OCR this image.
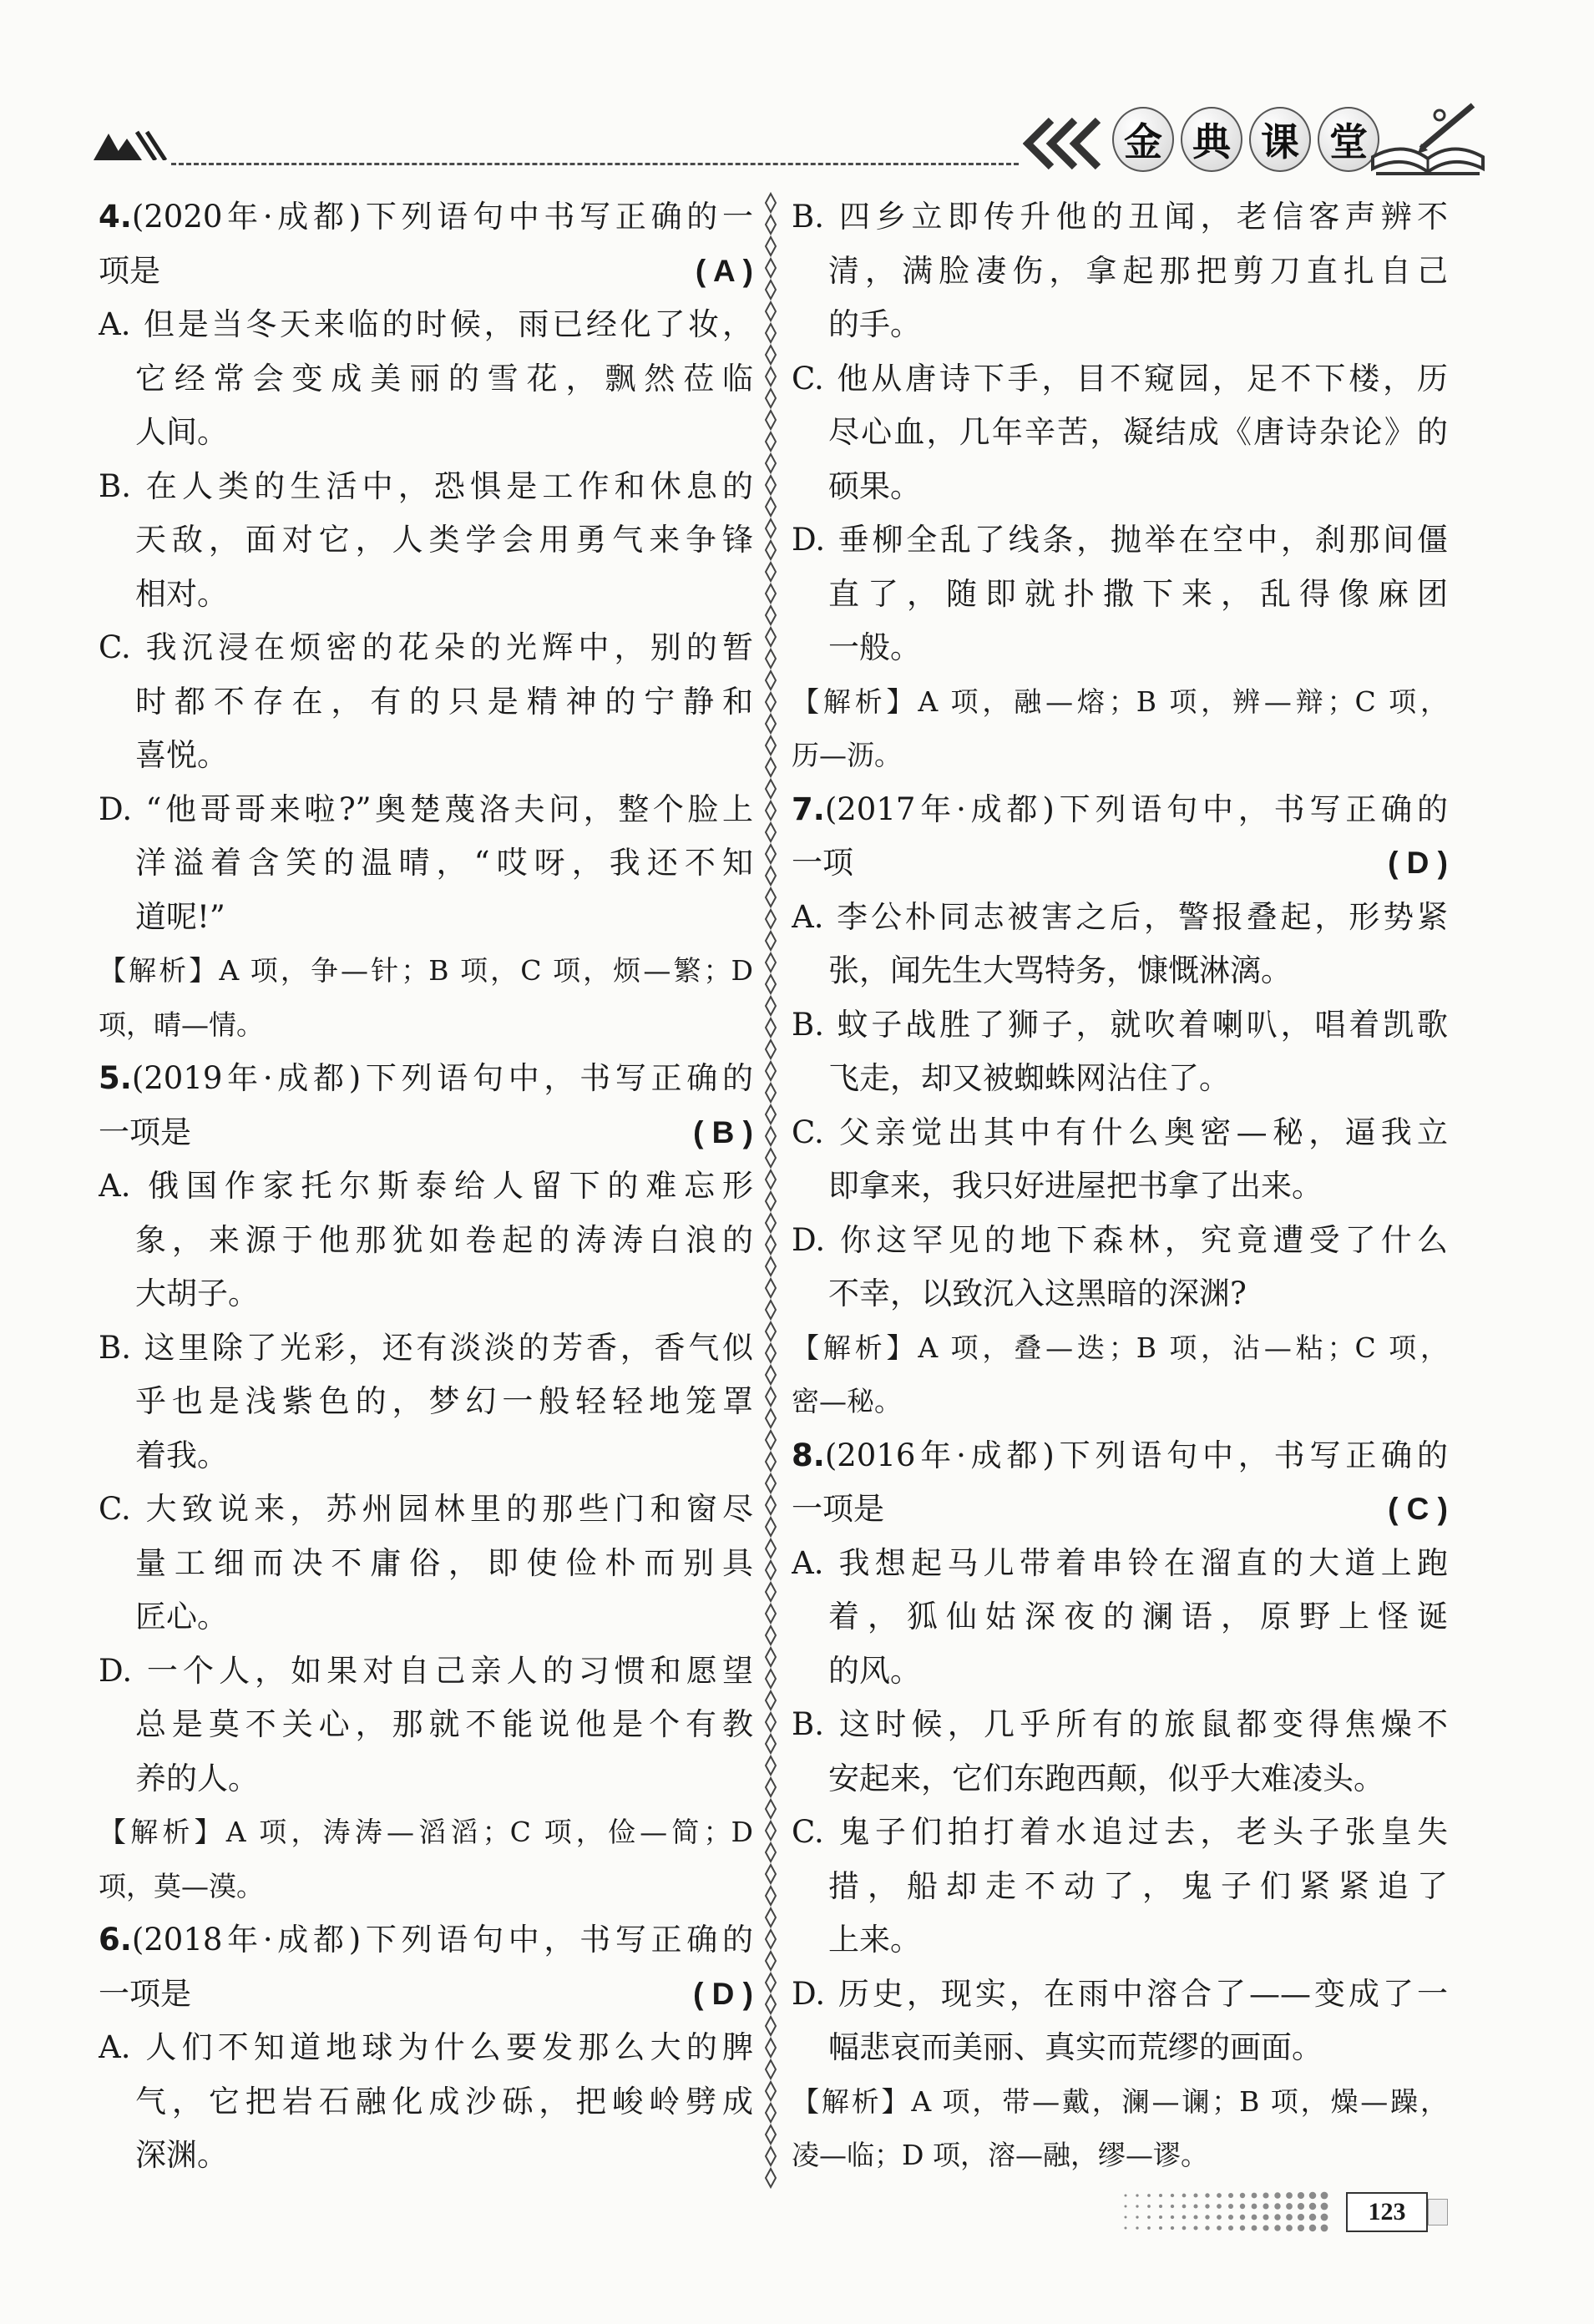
金 典 课 堂
4.(2020年·成都)下列语句中书写正确的一
项是	( A )
A. 但是当冬天来临的时候，雨已经化了妆，
它经常会变成美丽的雪花，飘然莅临
人间。
B. 在人类的生活中，恐惧是工作和休息的
天敌，面对它，人类学会用勇气来争锋
相对。
C. 我沉浸在烦密的花朵的光辉中，别的暂
时都不存在，有的只是精神的宁静和
喜悦。
D. “他哥哥来啦?”奥楚蔑洛夫问，整个脸上
洋溢着含笑的温晴，“哎呀，我还不知
道呢!”
【解析】A 项，争—针；B 项，C 项，烦—繁；D
项，晴—情。
5.(2019年·成都)下列语句中，书写正确的
一项是	( B )
A. 俄国作家托尔斯泰给人留下的难忘形
象，来源于他那犹如卷起的涛涛白浪的
大胡子。
B. 这里除了光彩，还有淡淡的芳香，香气似
乎也是浅紫色的，梦幻一般轻轻地笼罩
着我。
C. 大致说来，苏州园林里的那些门和窗尽
量工细而决不庸俗，即使俭朴而别具
匠心。
D. 一个人，如果对自己亲人的习惯和愿望
总是莫不关心，那就不能说他是个有教
养的人。
【解析】A 项，涛涛—滔滔；C 项，俭—简；D
项，莫—漠。
6.(2018年·成都)下列语句中，书写正确的
一项是	( D )
A. 人们不知道地球为什么要发那么大的脾
气，它把岩石融化成沙砾，把峻岭劈成
深渊。
B. 四乡立即传升他的丑闻，老信客声辨不
清，满脸凄伤，拿起那把剪刀直扎自己
的手。
C. 他从唐诗下手，目不窥园，足不下楼，历
尽心血，几年辛苦，凝结成《唐诗杂论》的
硕果。
D. 垂柳全乱了线条，抛举在空中，刹那间僵
直了，随即就扑撒下来，乱得像麻团
一般。
【解析】A 项，融—熔；B 项，辨—辩；C 项，
历—沥。
7.(2017年·成都)下列语句中，书写正确的
一项	( D )
A. 李公朴同志被害之后，警报叠起，形势紧
张，闻先生大骂特务，慷慨淋漓。
B. 蚊子战胜了狮子，就吹着喇叭，唱着凯歌
飞走，却又被蜘蛛网沾住了。
C. 父亲觉出其中有什么奥密—秘，逼我立
即拿来，我只好进屋把书拿了出来。
D. 你这罕见的地下森林，究竟遭受了什么
不幸，以致沉入这黑暗的深渊?
【解析】A 项，叠—迭；B 项，沾—粘；C 项，
密—秘。
8.(2016年·成都)下列语句中，书写正确的
一项是	( C )
A. 我想起马儿带着串铃在溜直的大道上跑
着，狐仙姑深夜的澜语，原野上怪诞
的风。
B. 这时候，几乎所有的旅鼠都变得焦燥不
安起来，它们东跑西颠，似乎大难凌头。
C. 鬼子们拍打着水追过去，老头子张皇失
措，船却走不动了，鬼子们紧紧追了
上来。
D. 历史，现实，在雨中溶合了——变成了一
幅悲哀而美丽、真实而荒缪的画面。
【解析】A 项，带—戴，澜—谰；B 项，燥—躁，
凌—临；D 项，溶—融，缪—谬。
123
